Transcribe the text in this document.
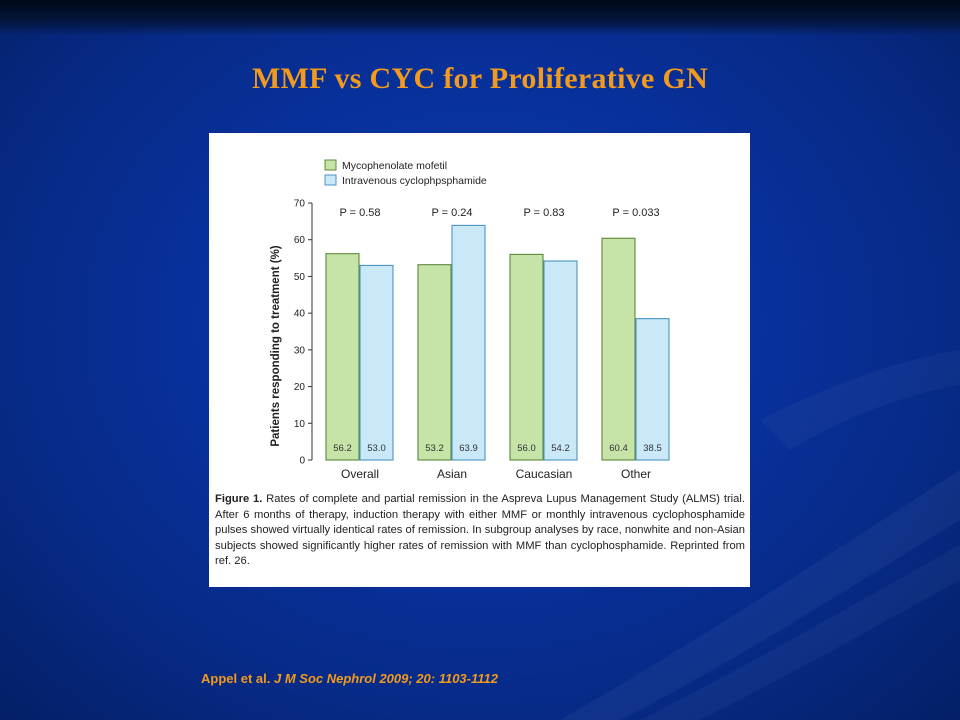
MMF vs CYC for Proliferative GN
Mycophenolate mofetil
Intravenous cyclophpsphamide
Patients responding to treatment (%)
0
10
20
30
40
50
60
70
56.2 53.0
P = 0.58
53.2 63.9
P = 0.24
56.0 54.2
P = 0.83
60.4 38.5
P = 0.033
Overall	Asian	Caucasian	Other
Figure 1. Rates of complete and partial remission in the Aspreva Lupus Management Study (ALMS) trial. After 6 months of therapy, induction therapy with either MMF or monthly intravenous cyclophosphamide pulses showed virtually identical rates of remission. In subgroup analyses by race, nonwhite and non-Asian subjects showed significantly higher rates of remission with MMF than cyclophosphamide. Reprinted from ref. 26.
Appel et al. J M Soc Nephrol 2009; 20: 1103-1112
